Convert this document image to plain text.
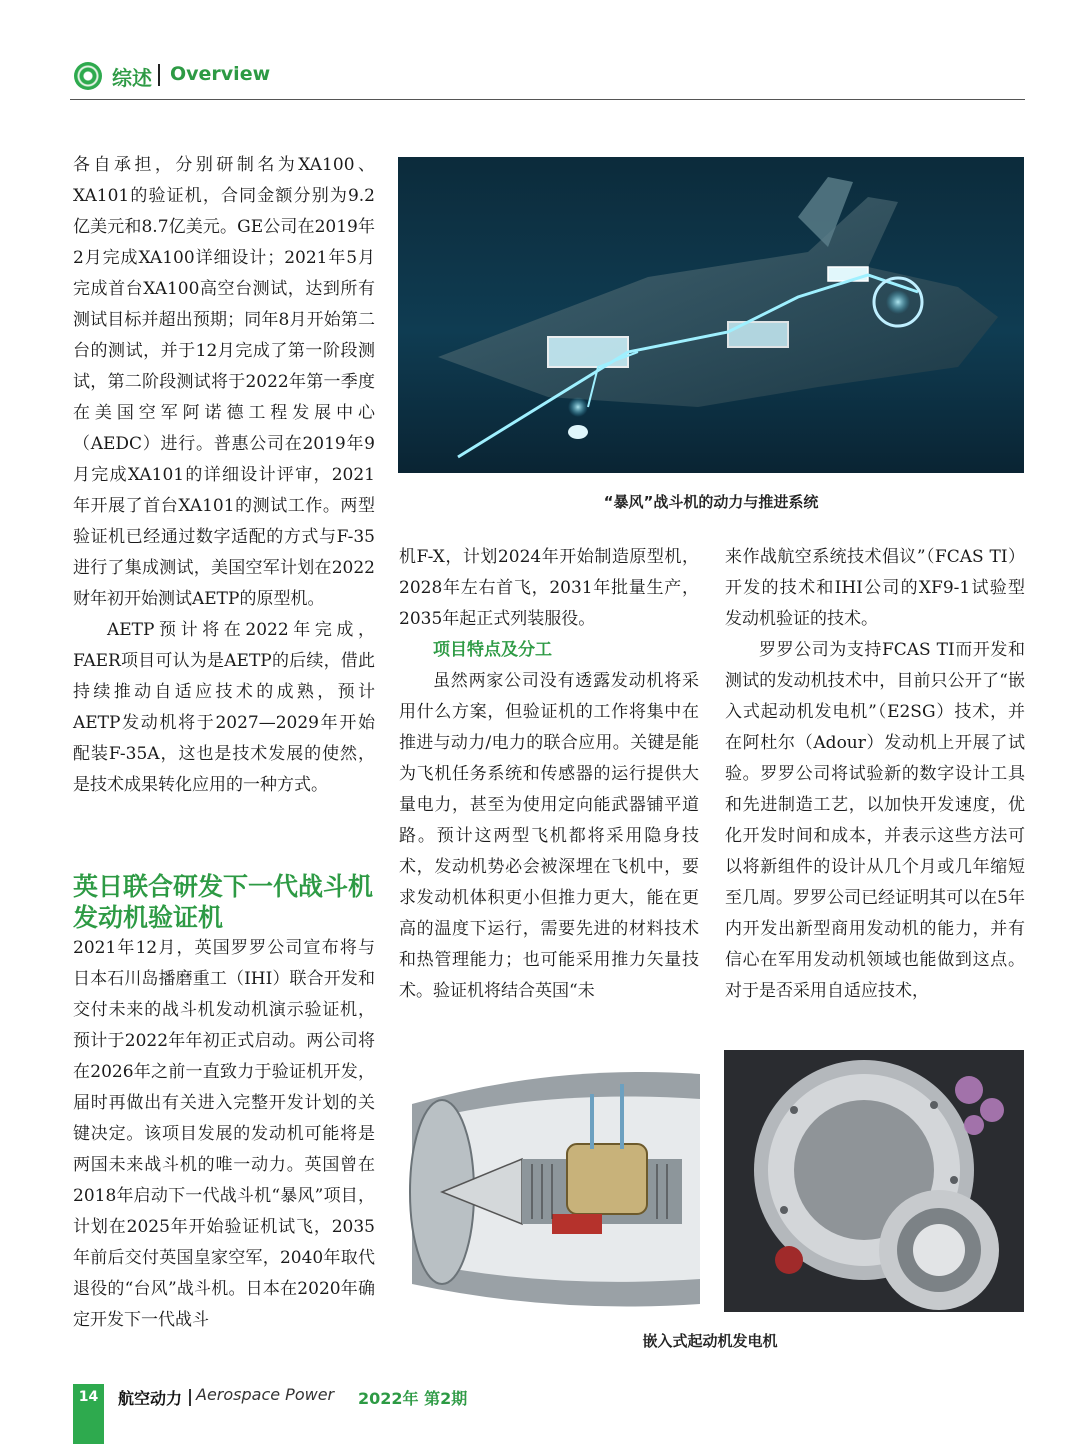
综述 Overview

各自承担，分别研制名为XA100、XA101的验证机，合同金额分别为9.2亿美元和8.7亿美元。GE公司在2019年2月完成XA100详细设计；2021年5月完成首台XA100高空台测试，达到所有测试目标并超出预期；同年8月开始第二台的测试，并于12月完成了第一阶段测试，第二阶段测试将于2022年第一季度在美国空军阿诺德工程发展中心（AEDC）进行。普惠公司在2019年9月完成XA101的详细设计评审，2021年开展了首台XA101的测试工作。两型验证机已经通过数字适配的方式与F-35进行了集成测试，美国空军计划在2022财年初开始测试AETP的原型机。

AETP预计将在2022年完成，FAER项目可认为是AETP的后续，借此持续推动自适应技术的成熟，预计AETP发动机将于2027—2029年开始配装F-35A，这也是技术发展的使然，是技术成果转化应用的一种方式。

英日联合研发下一代战斗机发动机验证机

2021年12月，英国罗罗公司宣布将与日本石川岛播磨重工（IHI）联合开发和交付未来的战斗机发动机演示验证机，预计于2022年年初正式启动。两公司将在2026年之前一直致力于验证机开发，届时再做出有关进入完整开发计划的关键决定。该项目发展的发动机可能将是两国未来战斗机的唯一动力。英国曾在2018年启动下一代战斗机“暴风”项目，计划在2025年开始验证机试飞，2035年前后交付英国皇家空军，2040年取代退役的“台风”战斗机。日本在2020年确定开发下一代战斗

“暴风”战斗机的动力与推进系统

机F-X，计划2024年开始制造原型机，2028年左右首飞，2031年批量生产，2035年起正式列装服役。

项目特点及分工

虽然两家公司没有透露发动机将采用什么方案，但验证机的工作将集中在推进与动力/电力的联合应用。关键是能为飞机任务系统和传感器的运行提供大量电力，甚至为使用定向能武器铺平道路。预计这两型飞机都将采用隐身技术，发动机势必会被深埋在飞机中，要求发动机体积更小但推力更大，能在更高的温度下运行，需要先进的材料技术和热管理能力；也可能采用推力矢量技术。验证机将结合英国“未

来作战航空系统技术倡议”（FCAS TI）开发的技术和IHI公司的XF9-1试验型发动机验证的技术。

罗罗公司为支持FCAS TI而开发和测试的发动机技术中，目前只公开了“嵌入式起动机发电机”（E2SG）技术，并在阿杜尔（Adour）发动机上开展了试验。罗罗公司将试验新的数字设计工具和先进制造工艺，以加快开发速度，优化开发时间和成本，并表示这些方法可以将新组件的设计从几个月或几年缩短至几周。罗罗公司已经证明其可以在5年内开发出新型商用发动机的能力，并有信心在军用发动机领域也能做到这点。对于是否采用自适应技术，

嵌入式起动机发电机
14	航空动力 Aerospace Power 2022年 第2期
